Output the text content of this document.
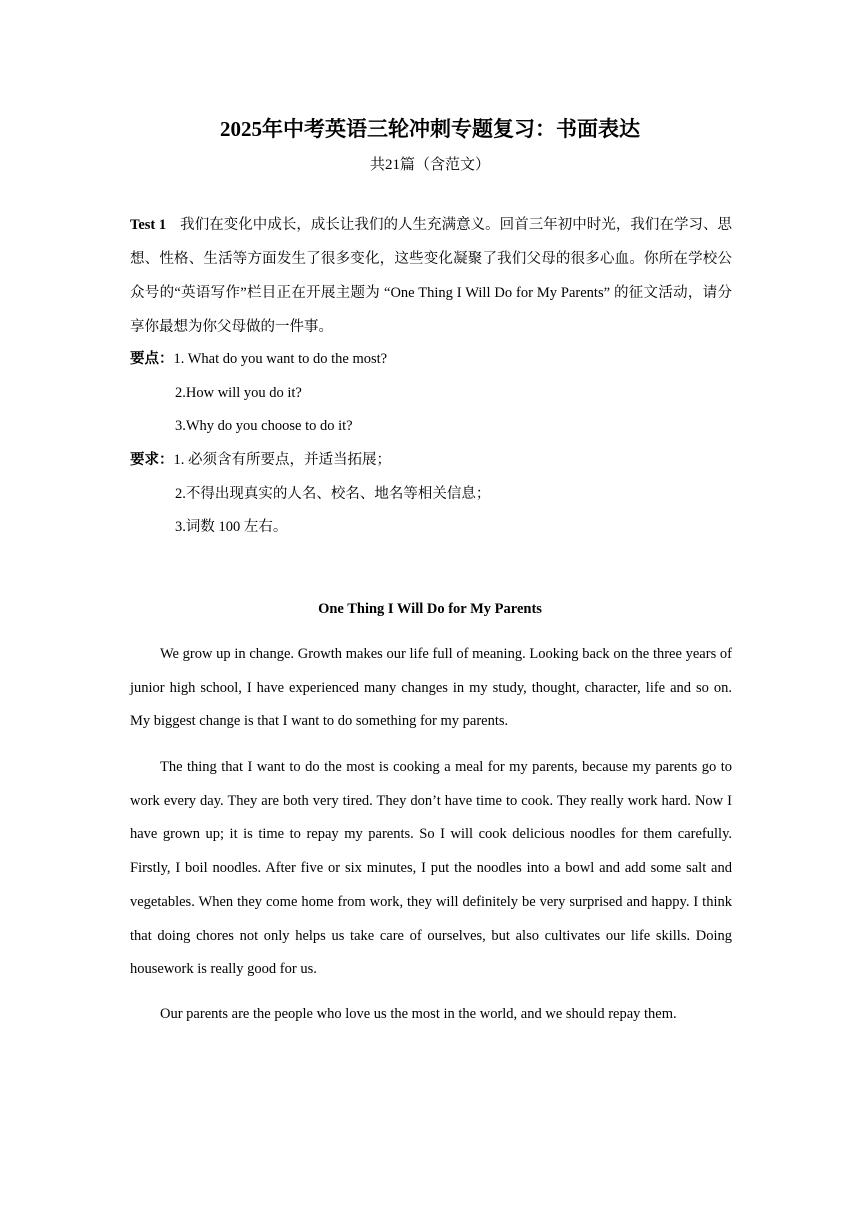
2025年中考英语三轮冲刺专题复习：书面表达
共21篇（含范文）
Test 1 我们在变化中成长，成长让我们的人生充满意义。回首三年初中时光，我们在学习、思想、性格、生活等方面发生了很多变化，这些变化凝聚了我们父母的很多心血。你所在学校公众号的“英语写作”栏目正在开展主题为 “One Thing I Will Do for My Parents” 的征文活动，请分享你最想为你父母做的一件事。
要点：1. What do you want to do the most?
2.How will you do it?
3.Why do you choose to do it?
要求：1. 必须含有所要点，并适当拓展；
2.不得出现真实的人名、校名、地名等相关信息；
3.词数 100 左右。
One Thing I Will Do for My Parents

We grow up in change. Growth makes our life full of meaning. Looking back on the three years of junior high school, I have experienced many changes in my study, thought, character, life and so on. My biggest change is that I want to do something for my parents.

The thing that I want to do the most is cooking a meal for my parents, because my parents go to work every day. They are both very tired. They don’t have time to cook. They really work hard. Now I have grown up; it is time to repay my parents. So I will cook delicious noodles for them carefully. Firstly, I boil noodles. After five or six minutes, I put the noodles into a bowl and add some salt and vegetables. When they come home from work, they will definitely be very surprised and happy. I think that doing chores not only helps us take care of ourselves, but also cultivates our life skills. Doing housework is really good for us.

Our parents are the people who love us the most in the world, and we should repay them.
